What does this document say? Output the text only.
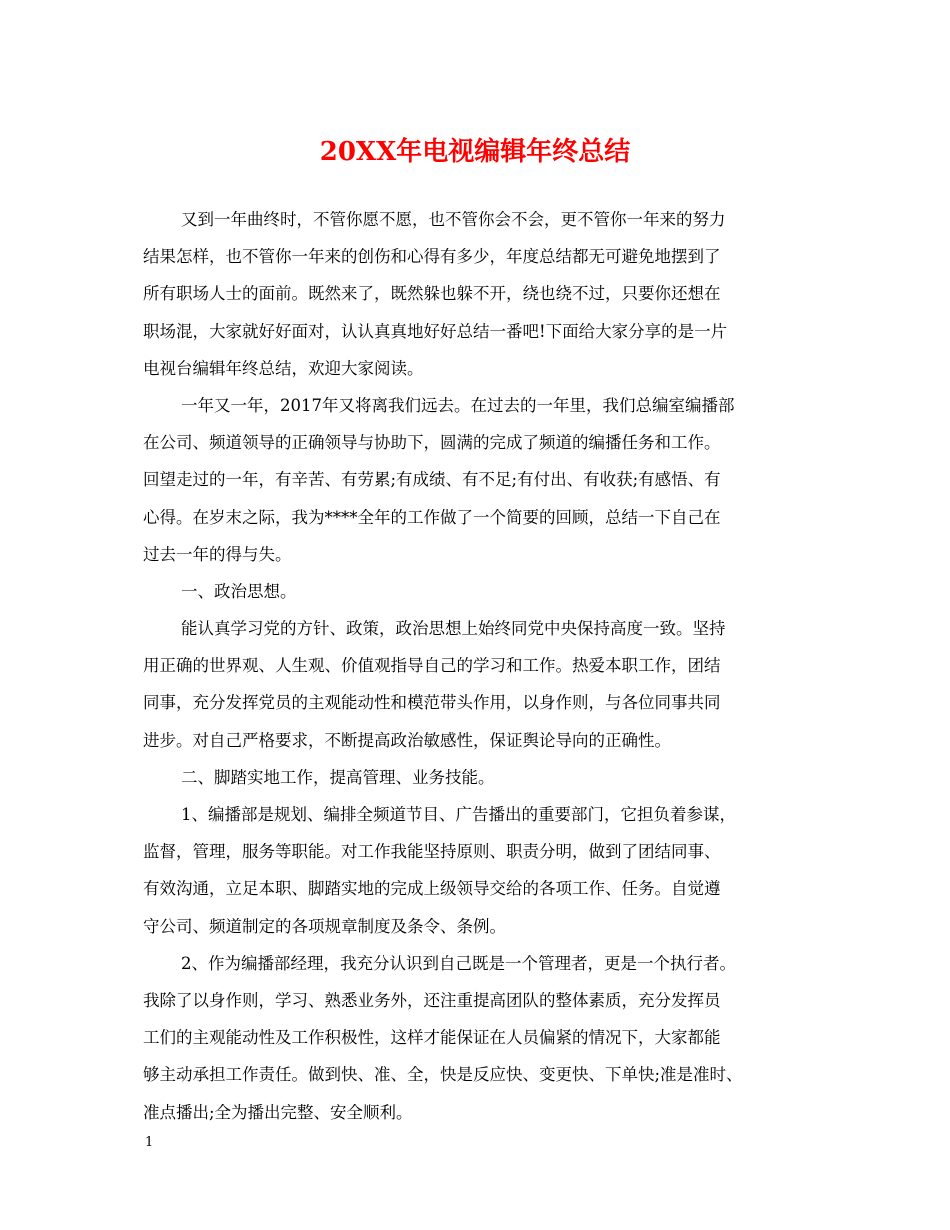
20XX年电视编辑年终总结

又到一年曲终时，不管你愿不愿，也不管你会不会，更不管你一年来的努力
结果怎样，也不管你一年来的创伤和心得有多少，年度总结都无可避免地摆到了
所有职场人士的面前。既然来了，既然躲也躲不开，绕也绕不过，只要你还想在
职场混，大家就好好面对，认认真真地好好总结一番吧!下面给大家分享的是一片
电视台编辑年终总结，欢迎大家阅读。

一年又一年，2017年又将离我们远去。在过去的一年里，我们总编室编播部
在公司、频道领导的正确领导与协助下，圆满的完成了频道的编播任务和工作。
回望走过的一年，有辛苦、有劳累;有成绩、有不足;有付出、有收获;有感悟、有
心得。在岁末之际，我为****全年的工作做了一个简要的回顾，总结一下自己在
过去一年的得与失。

一、政治思想。

能认真学习党的方针、政策，政治思想上始终同党中央保持高度一致。坚持
用正确的世界观、人生观、价值观指导自己的学习和工作。热爱本职工作，团结
同事，充分发挥党员的主观能动性和模范带头作用，以身作则，与各位同事共同
进步。对自己严格要求，不断提高政治敏感性，保证舆论导向的正确性。

二、脚踏实地工作，提高管理、业务技能。

1、编播部是规划、编排全频道节目、广告播出的重要部门，它担负着参谋，
监督，管理，服务等职能。对工作我能坚持原则、职责分明，做到了团结同事、
有效沟通，立足本职、脚踏实地的完成上级领导交给的各项工作、任务。自觉遵
守公司、频道制定的各项规章制度及条令、条例。

2、作为编播部经理，我充分认识到自己既是一个管理者，更是一个执行者。
我除了以身作则，学习、熟悉业务外，还注重提高团队的整体素质，充分发挥员
工们的主观能动性及工作积极性，这样才能保证在人员偏紧的情况下，大家都能
够主动承担工作责任。做到快、准、全，快是反应快、变更快、下单快;准是准时、
准点播出;全为播出完整、安全顺利。

1
